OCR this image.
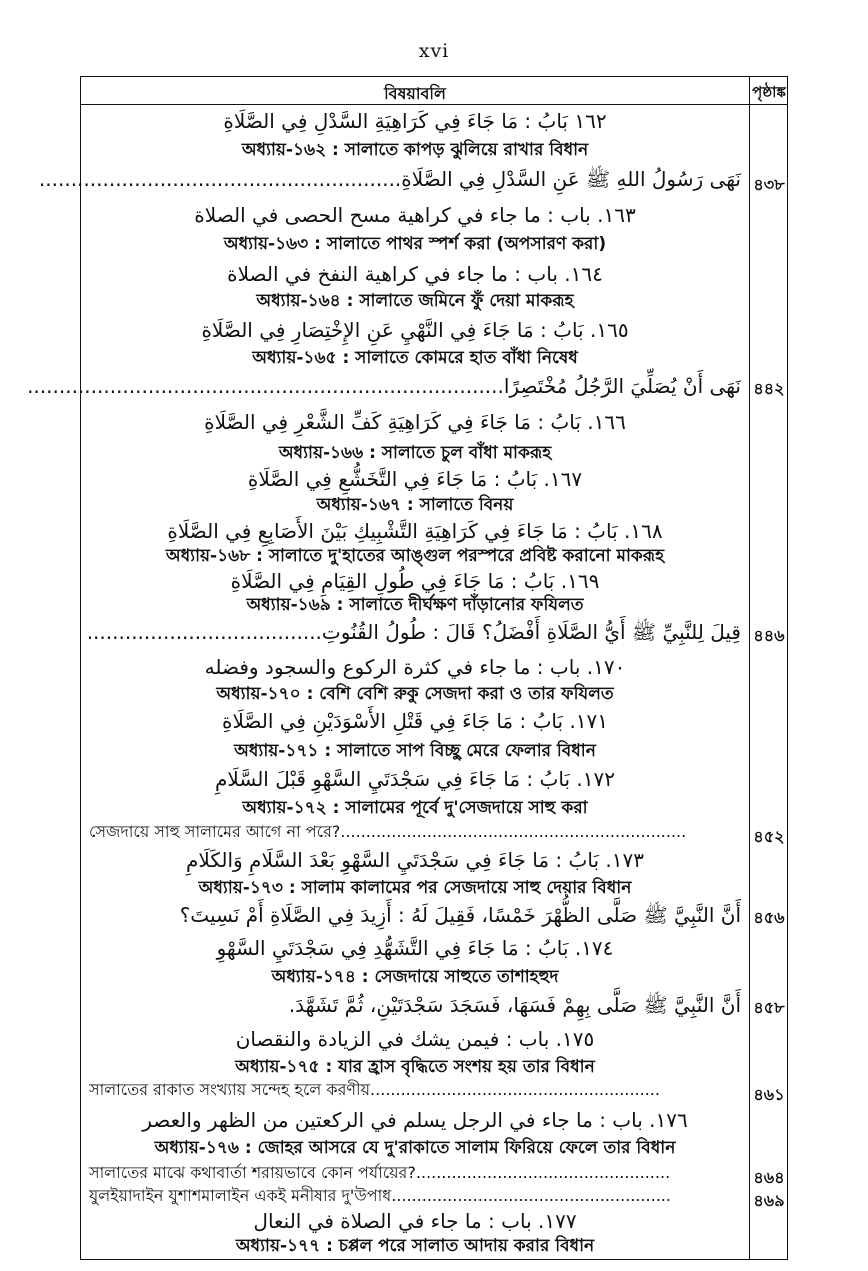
xvi
বিষয়াবলি	পৃষ্ঠাঙ্ক
١٦٢ بَابُ : مَا جَاءَ فِي كَرَاهِيَةِ السَّدْلِ فِي الصَّلَاةِ
অধ্যায়-১৬২ : সালাতে কাপড় ঝুলিয়ে রাখার বিধান
نَهَى رَسُولُ اللهِ ﷺ عَنِ السَّدْلِ فِي الصَّلَاةِ......................................................... ৪৩৮
١٦٣. باب : ما جاء في كراهية مسح الحصى في الصلاة
অধ্যায়-১৬৩ : সালাতে পাথর স্পর্শ করা (অপসারণ করা)
١٦٤. باب : ما جاء في كراهية النفخ في الصلاة
অধ্যায়-১৬৪ : সালাতে জমিনে ফুঁ দেয়া মাকরূহ
١٦٥. بَابُ : مَا جَاءَ فِي النَّهْيِ عَنِ الإِخْتِصَارِ فِي الصَّلَاةِ
অধ্যায়-১৬৫ : সালাতে কোমরে হাত বাঁধা নিষেধ
نَهَى أَنْ يُصَلِّيَ الرَّجُلُ مُخْتَصِرًا........................................................................... ৪৪২
١٦٦. بَابُ : مَا جَاءَ فِي كَرَاهِيَةِ كَفِّ الشَّعْرِ فِي الصَّلَاةِ
অধ্যায়-১৬৬ : সালাতে চুল বাঁধা মাকরূহ
١٦٧. بَابُ : مَا جَاءَ فِي التَّخَشُّعِ فِي الصَّلَاةِ
অধ্যায়-১৬৭ : সালাতে বিনয়
١٦٨. بَابُ : مَا جَاءَ فِي كَرَاهِيَةِ التَّشْبِيكِ بَيْنَ الأَصَابِعِ فِي الصَّلَاةِ
অধ্যায়-১৬৮ : সালাতে দু'হাতের আঙ্গুল পরস্পরে প্রবিষ্ট করানো মাকরূহ
١٦٩. بَابُ : مَا جَاءَ فِي طُولِ القِيَامِ فِي الصَّلَاةِ
অধ্যায়-১৬৯ : সালাতে দীর্ঘক্ষণ দাঁড়ানোর ফযিলত
قِيلَ لِلنَّبِيِّ ﷺ أَيُّ الصَّلَاةِ أَفْضَلُ؟ قَالَ : طُولُ القُنُوتِ..................................... ৪৪৬
١٧٠. باب : ما جاء في كثرة الركوع والسجود وفضله
অধ্যায়-১৭০ : বেশি বেশি রুকু সেজদা করা ও তার ফযিলত
١٧١. بَابُ : مَا جَاءَ فِي قَتْلِ الأَسْوَدَيْنِ فِي الصَّلَاةِ
অধ্যায়-১৭১ : সালাতে সাপ বিচ্ছু মেরে ফেলার বিধান
١٧٢. بَابُ : مَا جَاءَ فِي سَجْدَتَيِ السَّهْوِ قَبْلَ السَّلَامِ
অধ্যায়-১৭২ : সালামের পূর্বে দু'সেজদায়ে সাহু করা
সেজদায়ে সাহু সালামের আগে না পরে?....................................................................	৪৫২
١٧٣. بَابُ : مَا جَاءَ فِي سَجْدَتَيِ السَّهْوِ بَعْدَ السَّلَامِ وَالكَلَامِ
অধ্যায়-১৭৩ : সালাম কালামের পর সেজদায়ে সাহু দেয়ার বিধান
أَنَّ النَّبِيَّ ﷺ صَلَّى الظُّهْرَ خَمْسًا، فَقِيلَ لَهُ : أَزِيدَ فِي الصَّلَاةِ أَمْ نَسِيتَ؟ ৪৫৬
١٧٤. بَابُ : مَا جَاءَ فِي التَّشَهُّدِ فِي سَجْدَتَيِ السَّهْوِ
অধ্যায়-১৭৪ : সেজদায়ে সাহুতে তাশাহহুদ
أَنَّ النَّبِيَّ ﷺ صَلَّى بِهِمْ فَسَهَا، فَسَجَدَ سَجْدَتَيْنِ، ثُمَّ تَشَهَّدَ. ৪৫৮
١٧٥. باب : فيمن يشك في الزيادة والنقصان
অধ্যায়-১৭৫ : যার হ্রাস বৃদ্ধিতে সংশয় হয় তার বিধান
সালাতের রাকাত সংখ্যায় সন্দেহ হলে করণীয়.........................................................	৪৬১
١٧٦. باب : ما جاء في الرجل يسلم في الركعتين من الظهر والعصر
অধ্যায়-১৭৬ : জোহর আসরে যে দু'রাকাতে সালাম ফিরিয়ে ফেলে তার বিধান
সালাতের মাঝে কথাবার্তা শরায়ভাবে কোন পর্যায়ের?..................................................	৪৬৪
যুলইয়াদাইন যুশাশমালাইন একই মনীষার দু'উপাধ.......................................................	৪৬৯
١٧٧. باب : ما جاء في الصلاة في النعال
অধ্যায়-১৭৭ : চপ্পল পরে সালাত আদায় করার বিধান
